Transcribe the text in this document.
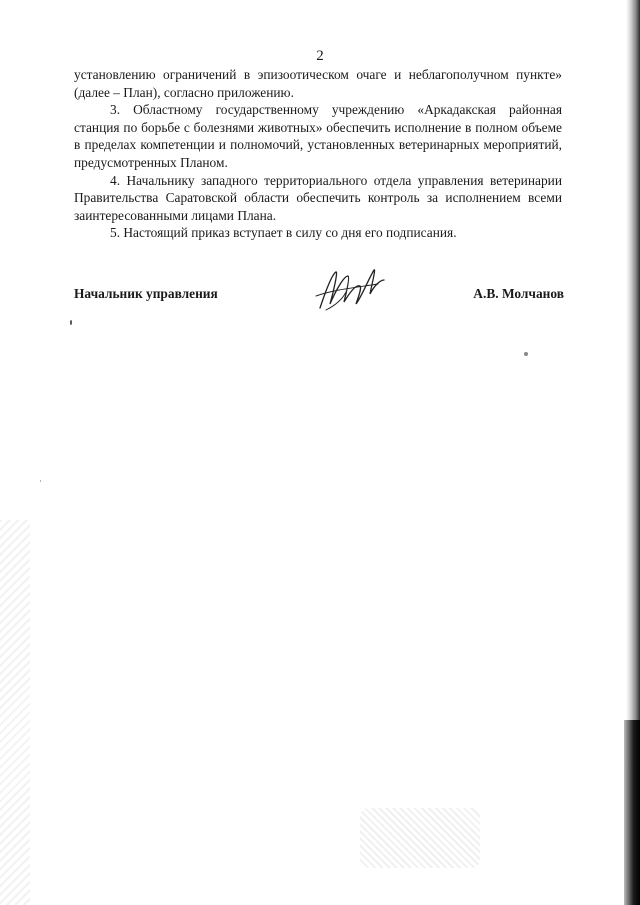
2

установлению ограничений в эпизоотическом очаге и неблагополучном пункте» (далее – План), согласно приложению.

3. Областному государственному учреждению «Аркадакская районная станция по борьбе с болезнями животных» обеспечить исполнение в полном объеме в пределах компетенции и полномочий, установленных ветеринарных мероприятий, предусмотренных Планом.

4. Начальнику западного территориального отдела управления ветеринарии Правительства Саратовской области обеспечить контроль за исполнением всеми заинтересованными лицами Плана.

5. Настоящий приказ вступает в силу со дня его подписания.

Начальник управления	А.В. Молчанов
